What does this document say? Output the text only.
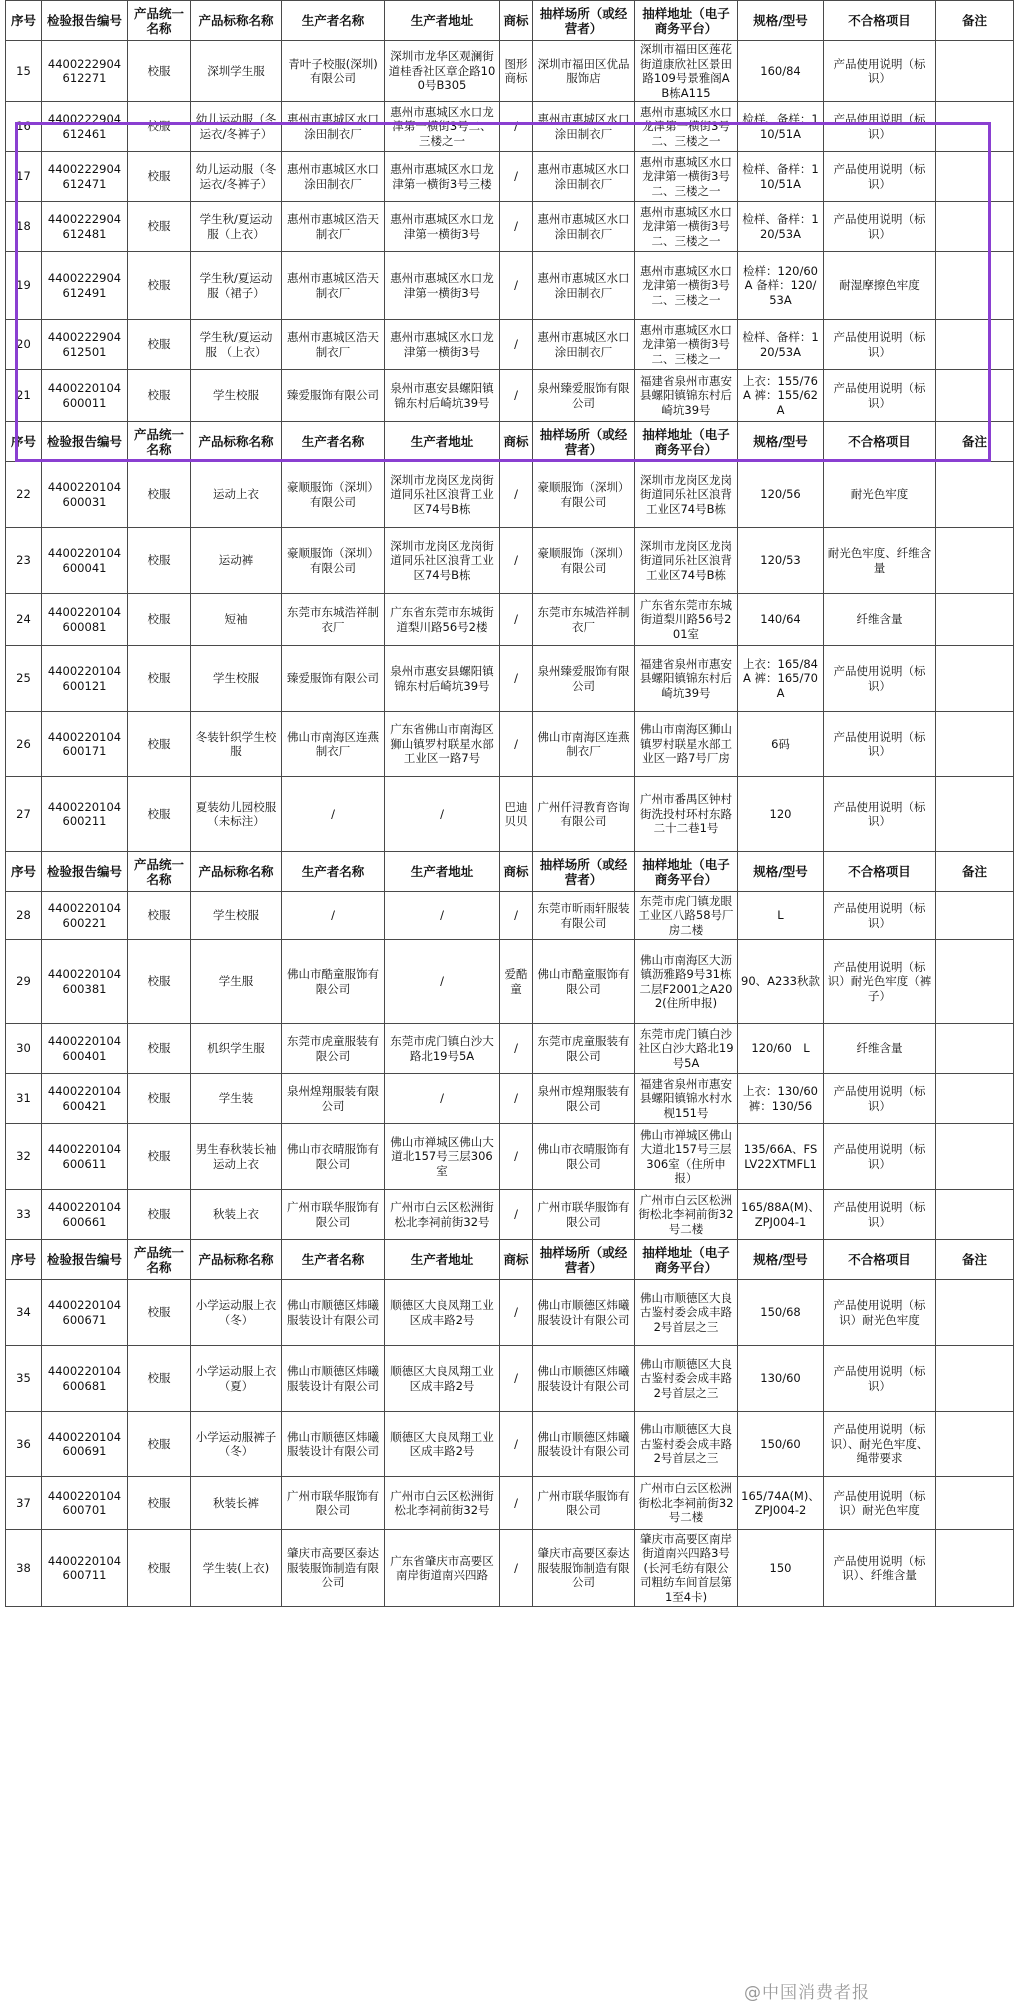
序号	检验报告编号	产品统一名称	产品标称名称	生产者名称	生产者地址	商标	抽样场所（或经营者）	抽样地址（电子商务平台）	规格/型号	不合格项目	备注
15	4400222904612271	校服	深圳学生服	青叶子校服(深圳)有限公司	深圳市龙华区观澜街道桂香社区章企路100号B305	图形商标	深圳市福田区优品服饰店	深圳市福田区莲花街道康欣社区景田路109号景雅阁A B栋A115	160/84	产品使用说明（标识）	
16	4400222904612461	校服	幼儿运动服（冬运衣/冬裤子）	惠州市惠城区水口涂田制衣厂	惠州市惠城区水口龙津第一横街3号二、三楼之一	/	惠州市惠城区水口涂田制衣厂	惠州市惠城区水口龙津第一横街3号二、三楼之一	检样、备样：110/51A	产品使用说明（标识）	
17	4400222904612471	校服	幼儿运动服（冬运衣/冬裤子）	惠州市惠城区水口涂田制衣厂	惠州市惠城区水口龙津第一横街3号三楼	/	惠州市惠城区水口涂田制衣厂	惠州市惠城区水口龙津第一横街3号二、三楼之一	检样、备样：110/51A	产品使用说明（标识）	
18	4400222904612481	校服	学生秋/夏运动服（上衣）	惠州市惠城区浩天制衣厂	惠州市惠城区水口龙津第一横街3号	/	惠州市惠城区水口涂田制衣厂	惠州市惠城区水口龙津第一横街3号二、三楼之一	检样、备样：120/53A	产品使用说明（标识）	
19	4400222904612491	校服	学生秋/夏运动服（裙子）	惠州市惠城区浩天制衣厂	惠州市惠城区水口龙津第一横街3号	/	惠州市惠城区水口涂田制衣厂	惠州市惠城区水口龙津第一横街3号二、三楼之一	检样：120/60A 备样：120/53A	耐湿摩擦色牢度	
20	4400222904612501	校服	学生秋/夏运动服 （上衣）	惠州市惠城区浩天制衣厂	惠州市惠城区水口龙津第一横街3号	/	惠州市惠城区水口涂田制衣厂	惠州市惠城区水口龙津第一横街3号二、三楼之一	检样、备样：120/53A	产品使用说明（标识）	
21	4400220104600011	校服	学生校服	臻爱服饰有限公司	泉州市惠安县螺阳镇锦东村后崎坑39号	/	泉州臻爱服饰有限公司	福建省泉州市惠安县螺阳镇锦东村后崎坑39号	上衣：155/76A 裤：155/62A	产品使用说明（标识）	
序号	检验报告编号	产品统一名称	产品标称名称	生产者名称	生产者地址	商标	抽样场所（或经营者）	抽样地址（电子商务平台）	规格/型号	不合格项目	备注
22	4400220104600031	校服	运动上衣	豪顺服饰（深圳）有限公司	深圳市龙岗区龙岗街道同乐社区浪背工业区74号B栋	/	豪顺服饰（深圳）有限公司	深圳市龙岗区龙岗街道同乐社区浪背工业区74号B栋	120/56	耐光色牢度	
23	4400220104600041	校服	运动裤	豪顺服饰（深圳）有限公司	深圳市龙岗区龙岗街道同乐社区浪背工业区74号B栋	/	豪顺服饰（深圳）有限公司	深圳市龙岗区龙岗街道同乐社区浪背工业区74号B栋	120/53	耐光色牢度、纤维含量	
24	4400220104600081	校服	短袖	东莞市东城浩祥制衣厂	广东省东莞市东城街道梨川路56号2楼	/	东莞市东城浩祥制衣厂	广东省东莞市东城街道梨川路56号201室	140/64	纤维含量	
25	4400220104600121	校服	学生校服	臻爱服饰有限公司	泉州市惠安县螺阳镇锦东村后崎坑39号	/	泉州臻爱服饰有限公司	福建省泉州市惠安县螺阳镇锦东村后崎坑39号	上衣：165/84A 裤：165/70A	产品使用说明（标识）	
26	4400220104600171	校服	冬装针织学生校服	佛山市南海区连燕制衣厂	广东省佛山市南海区狮山镇罗村联星水部工业区一路7号	/	佛山市南海区连燕制衣厂	佛山市南海区狮山镇罗村联星水部工业区一路7号厂房	6码	产品使用说明（标识）	
27	4400220104600211	校服	夏装幼儿园校服（未标注）	/	/	巴迪贝贝	广州仟浔教育咨询有限公司	广州市番禺区钟村街洗投村环村东路二十二巷1号	120	产品使用说明（标识）	
序号	检验报告编号	产品统一名称	产品标称名称	生产者名称	生产者地址	商标	抽样场所（或经营者）	抽样地址（电子商务平台）	规格/型号	不合格项目	备注
28	4400220104600221	校服	学生校服	/	/	/	东莞市昕雨轩服装有限公司	东莞市虎门镇龙眼工业区八路58号厂房二楼	L	产品使用说明（标识）	
29	4400220104600381	校服	学生服	佛山市酷童服饰有限公司	/	爱酷童	佛山市酷童服饰有限公司	佛山市南海区大沥镇沥雅路9号31栋二层F2001之A202(住所申报)	90、A233秋款	产品使用说明（标识）耐光色牢度（裤子）	
30	4400220104600401	校服	机织学生服	东莞市虎童服装有限公司	东莞市虎门镇白沙大路北19号5A	/	东莞市虎童服装有限公司	东莞市虎门镇白沙社区白沙大路北19号5A	120/60　L	纤维含量	
31	4400220104600421	校服	学生装	泉州煌翔服装有限公司	/	/	泉州市煌翔服装有限公司	福建省泉州市惠安县螺阳镇锦水村水枧151号	上衣：130/60 裤：130/56	产品使用说明（标识）	
32	4400220104600611	校服	男生春秋装长袖运动上衣	佛山市衣晴服饰有限公司	佛山市禅城区佛山大道北157号三层306室	/	佛山市衣晴服饰有限公司	佛山市禅城区佛山大道北157号三层306室（住所申报）	135/66A、FSLV22XTMFL1	产品使用说明（标识）	
33	4400220104600661	校服	秋装上衣	广州市联华服饰有限公司	广州市白云区松洲街松北李祠前街32号	/	广州市联华服饰有限公司	广州市白云区松洲街松北李祠前街32号二楼	165/88A(M)、ZPJ004-1	产品使用说明（标识）	
序号	检验报告编号	产品统一名称	产品标称名称	生产者名称	生产者地址	商标	抽样场所（或经营者）	抽样地址（电子商务平台）	规格/型号	不合格项目	备注
34	4400220104600671	校服	小学运动服上衣（冬）	佛山市顺德区炜曦服装设计有限公司	顺德区大良凤翔工业区成丰路2号	/	佛山市顺德区炜曦服装设计有限公司	佛山市顺德区大良古鉴村委会成丰路2号首层之三	150/68	产品使用说明（标识）耐光色牢度	
35	4400220104600681	校服	小学运动服上衣（夏）	佛山市顺德区炜曦服装设计有限公司	顺德区大良凤翔工业区成丰路2号	/	佛山市顺德区炜曦服装设计有限公司	佛山市顺德区大良古鉴村委会成丰路2号首层之三	130/60	产品使用说明（标识）	
36	4400220104600691	校服	小学运动服裤子（冬）	佛山市顺德区炜曦服装设计有限公司	顺德区大良凤翔工业区成丰路2号	/	佛山市顺德区炜曦服装设计有限公司	佛山市顺德区大良古鉴村委会成丰路2号首层之三	150/60	产品使用说明（标识）、耐光色牢度、绳带要求	
37	4400220104600701	校服	秋装长裤	广州市联华服饰有限公司	广州市白云区松洲街松北李祠前街32号	/	广州市联华服饰有限公司	广州市白云区松洲街松北李祠前街32号二楼	165/74A(M)、ZPJ004-2	产品使用说明（标识）耐光色牢度	
38	4400220104600711	校服	学生装(上衣)	肇庆市高要区泰达服装服饰制造有限公司	广东省肇庆市高要区南岸街道南兴四路	/	肇庆市高要区泰达服装服饰制造有限公司	肇庆市高要区南岸街道南兴四路3号(长河毛纺有限公司粗纺车间首层第1至4卡)	150	产品使用说明（标识）、纤维含量	
@中国消费者报
